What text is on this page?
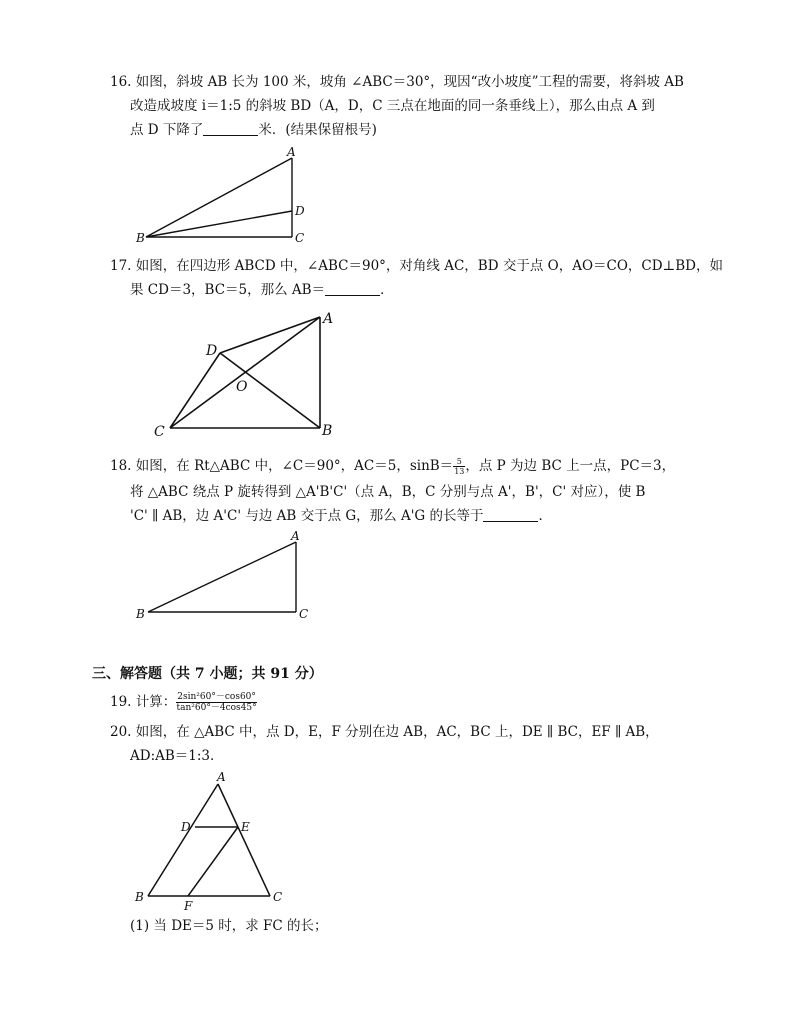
16. 如图，斜坡 AB 长为 100 米，坡角 ∠ABC＝30°，现因“改小坡度”工程的需要，将斜坡 AB
改造成坡度 i＝1:5 的斜坡 BD（A，D，C 三点在地面的同一条垂线上），那么由点 A 到
点 D 下降了	米．(结果保留根号)
A
B	C
D
17. 如图，在四边形 ABCD 中，∠ABC＝90°，对角线 AC，BD 交于点 O，AO＝CO，CD⊥BD，如
果 CD＝3，BC＝5，那么 AB＝	．
A
B
C
D
O
18. 如图，在 Rt△ABC 中，∠C＝90°，AC＝5，$\sin B= \frac{5}{13}$ ，点 P 为边 BC 上一点，PC＝3，
将 △ABC 绕点 P 旋转得到 △A'B'C'（点 A，B，C 分别与点 A'，B'，C' 对应），使 B
'C' ∥ AB，边 A'C' 与边 AB 交于点 G，那么 A'G 的长等于	．
A
B	C
三、解答题（共 7 小题；共 91 分）
19. 计算： $\frac{\text{2sin²60°－cos60°}}{\text{tan²60°－4cos45°}}$
20. 如图，在 △ABC 中，点 D，E，F 分别在边 AB，AC，BC 上，DE ∥ BC，EF ∥ AB，
AD:AB＝1:3．
A
B	C
D	E
F
(1) 当 DE＝5 时，求 FC 的长；
